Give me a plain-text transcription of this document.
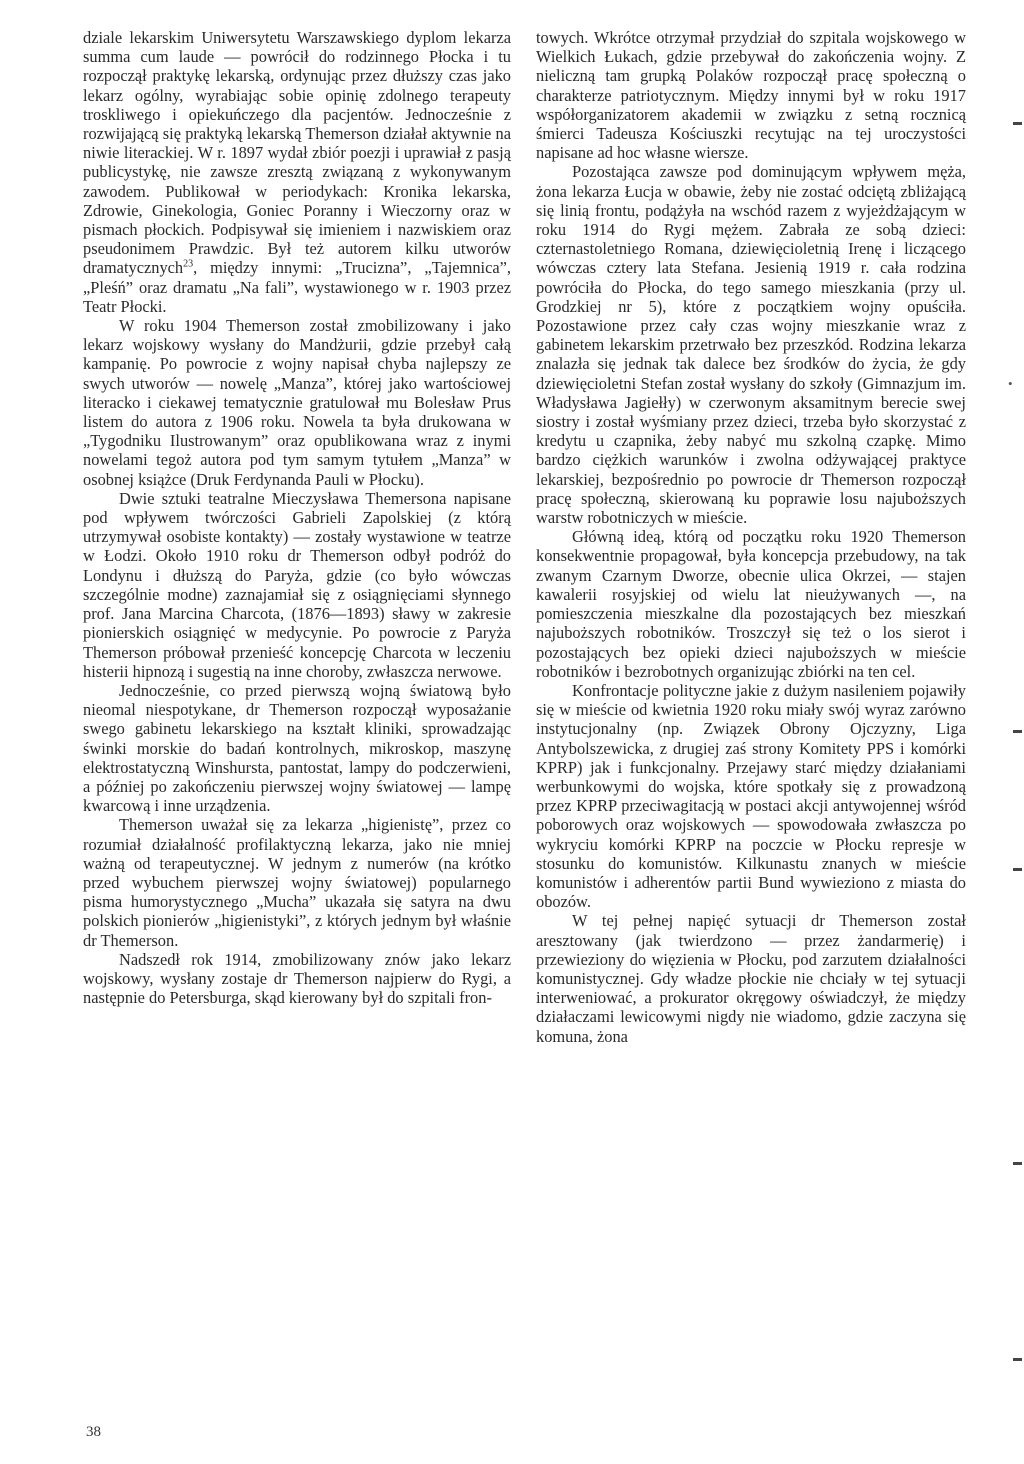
dziale lekarskim Uniwersytetu Warszawskiego dyplom lekarza summa cum laude — powrócił do rodzinnego Płocka i tu rozpoczął praktykę lekarską, ordynując przez dłuższy czas jako lekarz ogólny, wyrabiając sobie opinię zdolnego terapeuty troskliwego i opiekuńczego dla pacjentów. Jednocześnie z rozwijającą się praktyką lekarską Themerson działał aktywnie na niwie literackiej. W r. 1897 wydał zbiór poezji i uprawiał z pasją publicystykę, nie zawsze zresztą związaną z wykonywanym zawodem. Publikował w periodykach: Kronika lekarska, Zdrowie, Ginekologia, Goniec Poranny i Wieczorny oraz w pismach płockich. Podpisywał się imieniem i nazwiskiem oraz pseudonimem Prawdzic. Był też autorem kilku utworów dramatycznych$^{23}$, między innymi: „Trucizna”, „Tajemnica”, „Pleśń” oraz dramatu „Na fali”, wystawionego w r. 1903 przez Teatr Płocki.

W roku 1904 Themerson został zmobilizowany i jako lekarz wojskowy wysłany do Mandżurii, gdzie przebył całą kampanię. Po powrocie z wojny napisał chyba najlepszy ze swych utworów — nowelę „Manza”, której jako wartościowej literacko i ciekawej tematycznie gratulował mu Bolesław Prus listem do autora z 1906 roku. Nowela ta była drukowana w „Tygodniku Ilustrowanym” oraz opublikowana wraz z inymi nowelami tegoż autora pod tym samym tytułem „Manza” w osobnej książce (Druk Ferdynanda Pauli w Płocku).

Dwie sztuki teatralne Mieczysława Themersona napisane pod wpływem twórczości Gabrieli Zapolskiej (z którą utrzymywał osobiste kontakty) — zostały wystawione w teatrze w Łodzi. Około 1910 roku dr Themerson odbył podróż do Londynu i dłuższą do Paryża, gdzie (co było wówczas szczególnie modne) zaznajamiał się z osiągnięciami słynnego prof. Jana Marcina Charcota, (1876—1893) sławy w zakresie pionierskich osiągnięć w medycynie. Po powrocie z Paryża Themerson próbował przenieść koncepcję Charcota w leczeniu histerii hipnozą i sugestią na inne choroby, zwłaszcza nerwowe.

Jednocześnie, co przed pierwszą wojną światową było nieomal niespotykane, dr Themerson rozpoczął wyposażanie swego gabinetu lekarskiego na kształt kliniki, sprowadzając świnki morskie do badań kontrolnych, mikroskop, maszynę elektrostatyczną Winshursta, pantostat, lampy do podczerwieni, a później po zakończeniu pierwszej wojny światowej — lampę kwarcową i inne urządzenia.

Themerson uważał się za lekarza „higienistę”, przez co rozumiał działalność profilaktyczną lekarza, jako nie mniej ważną od terapeutycznej. W jednym z numerów (na krótko przed wybuchem pierwszej wojny światowej) popularnego pisma humorystycznego „Mucha” ukazała się satyra na dwu polskich pionierów „higienistyki”, z których jednym był właśnie dr Themerson.

Nadszedł rok 1914, zmobilizowany znów jako lekarz wojskowy, wysłany zostaje dr Themerson najpierw do Rygi, a następnie do Petersburga, skąd kierowany był do szpitali fron-

towych. Wkrótce otrzymał przydział do szpitala wojskowego w Wielkich Łukach, gdzie przebywał do zakończenia wojny. Z nieliczną tam grupką Polaków rozpoczął pracę społeczną o charakterze patriotycznym. Między innymi był w roku 1917 współorganizatorem akademii w związku z setną rocznicą śmierci Tadeusza Kościuszki recytując na tej uroczystości napisane ad hoc własne wiersze.

Pozostająca zawsze pod dominującym wpływem męża, żona lekarza Łucja w obawie, żeby nie zostać odciętą zbliżającą się linią frontu, podążyła na wschód razem z wyjeżdżającym w roku 1914 do Rygi mężem. Zabrała ze sobą dzieci: czternastoletniego Romana, dziewięcioletnią Irenę i liczącego wówczas cztery lata Stefana. Jesienią 1919 r. cała rodzina powróciła do Płocka, do tego samego mieszkania (przy ul. Grodzkiej nr 5), które z początkiem wojny opuściła. Pozostawione przez cały czas wojny mieszkanie wraz z gabinetem lekarskim przetrwało bez przeszkód. Rodzina lekarza znalazła się jednak tak dalece bez środków do życia, że gdy dziewięcioletni Stefan został wysłany do szkoły (Gimnazjum im. Władysława Jagiełły) w czerwonym aksamitnym berecie swej siostry i został wyśmiany przez dzieci, trzeba było skorzystać z kredytu u czapnika, żeby nabyć mu szkolną czapkę. Mimo bardzo ciężkich warunków i zwolna odżywającej praktyce lekarskiej, bezpośrednio po powrocie dr Themerson rozpoczął pracę społeczną, skierowaną ku poprawie losu najuboższych warstw robotniczych w mieście.

Główną ideą, którą od początku roku 1920 Themerson konsekwentnie propagował, była koncepcja przebudowy, na tak zwanym Czarnym Dworze, obecnie ulica Okrzei, — stajen kawalerii rosyjskiej od wielu lat nieużywanych —, na pomieszczenia mieszkalne dla pozostających bez mieszkań najuboższych robotników. Troszczył się też o los sierot i pozostających bez opieki dzieci najuboższych w mieście robotników i bezrobotnych organizując zbiórki na ten cel.

Konfrontacje polityczne jakie z dużym nasileniem pojawiły się w mieście od kwietnia 1920 roku miały swój wyraz zarówno instytucjonalny (np. Związek Obrony Ojczyzny, Liga Antybolszewicka, z drugiej zaś strony Komitety PPS i komórki KPRP) jak i funkcjonalny. Przejawy starć między działaniami werbunkowymi do wojska, które spotkały się z prowadzoną przez KPRP przeciwagitacją w postaci akcji antywojennej wśród poborowych oraz wojskowych — spowodowała zwłaszcza po wykryciu komórki KPRP na poczcie w Płocku represje w stosunku do komunistów. Kilkunastu znanych w mieście komunistów i adherentów partii Bund wywieziono z miasta do obozów.

W tej pełnej napięć sytuacji dr Themerson został aresztowany (jak twierdzono — przez żandarmerię) i przewieziony do więzienia w Płocku, pod zarzutem działalności komunistycznej. Gdy władze płockie nie chciały w tej sytuacji interweniować, a prokurator okręgowy oświadczył, że między działaczami lewicowymi nigdy nie wiadomo, gdzie zaczyna się komuna, żona

38
•
